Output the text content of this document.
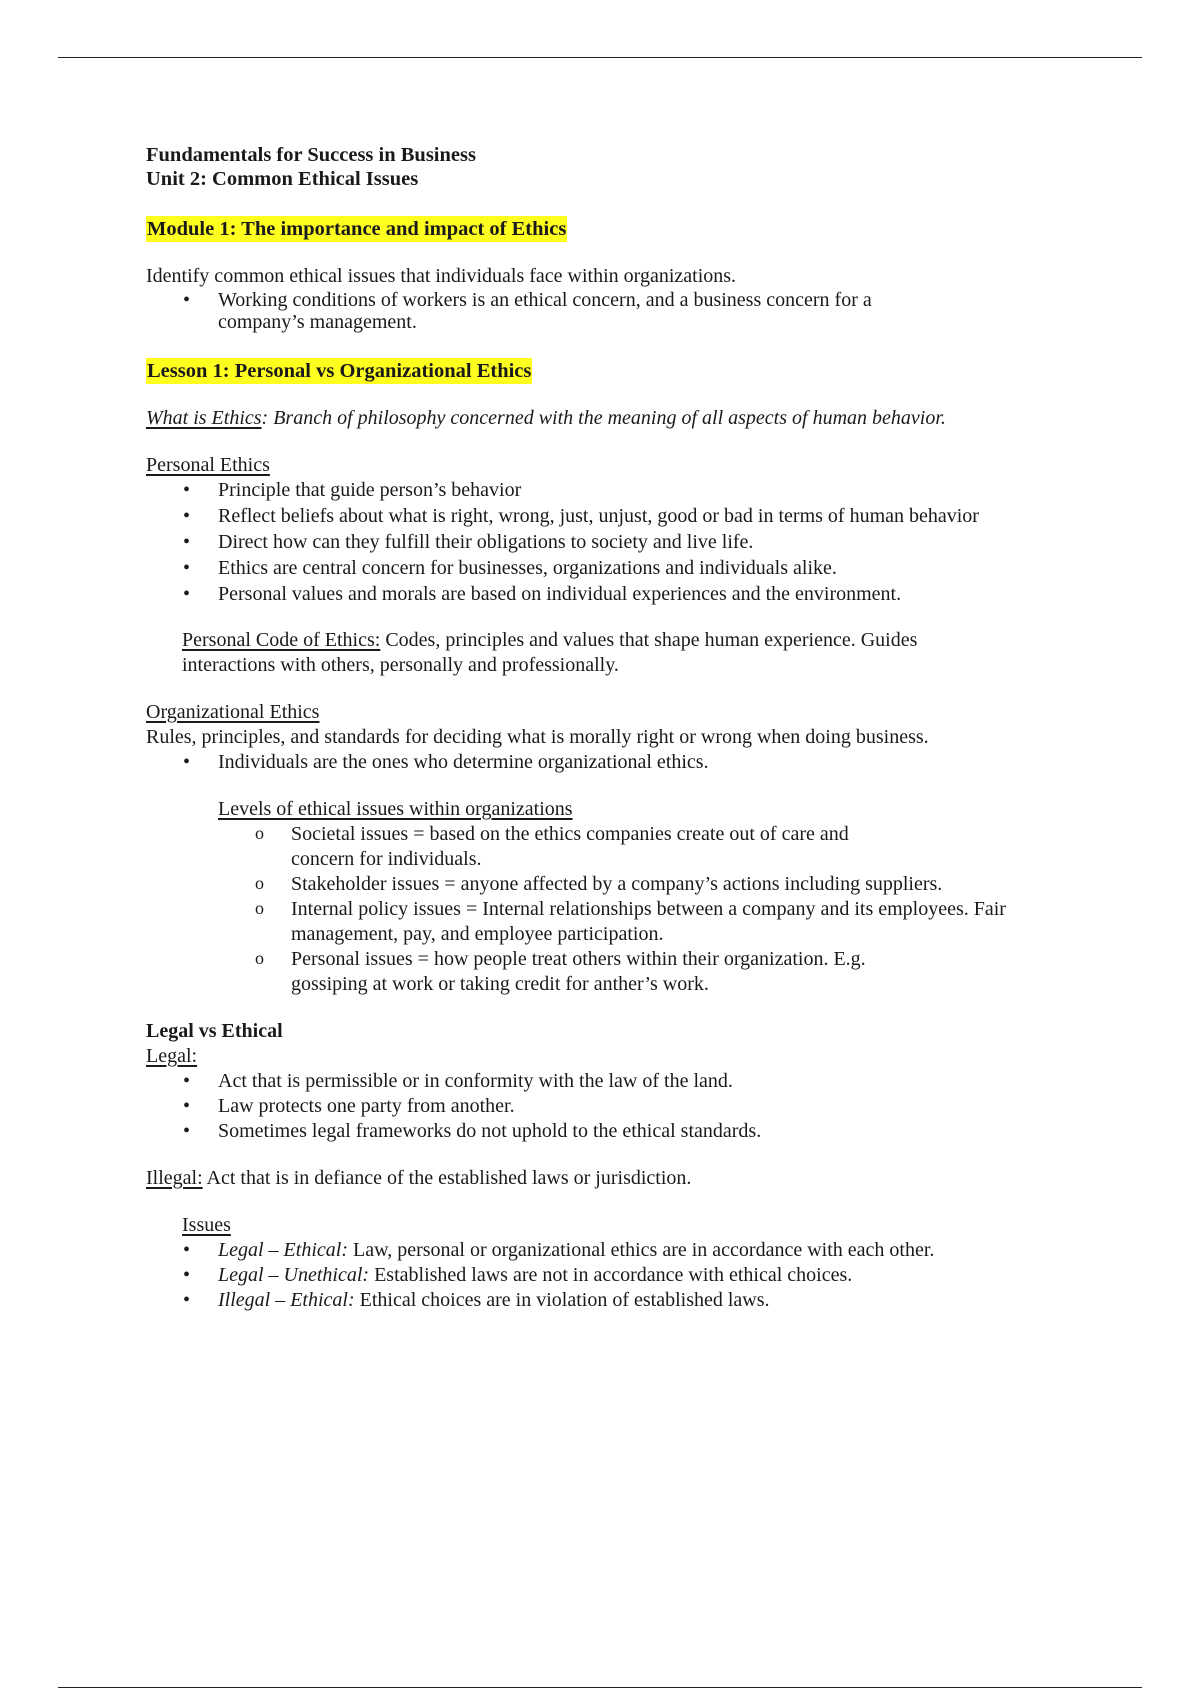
Fundamentals for Success in Business
Unit 2: Common Ethical Issues
Module 1: The importance and impact of Ethics
Identify common ethical issues that individuals face within organizations.
• Working conditions of workers is an ethical concern, and a business concern for a company’s management.
Lesson 1: Personal vs Organizational Ethics
What is Ethics: Branch of philosophy concerned with the meaning of all aspects of human behavior.
Personal Ethics
• Principle that guide person’s behavior
• Reflect beliefs about what is right, wrong, just, unjust, good or bad in terms of human behavior
• Direct how can they fulfill their obligations to society and live life.
• Ethics are central concern for businesses, organizations and individuals alike.
• Personal values and morals are based on individual experiences and the environment.
Personal Code of Ethics: Codes, principles and values that shape human experience. Guides interactions with others, personally and professionally.
Organizational Ethics
Rules, principles, and standards for deciding what is morally right or wrong when doing business.
• Individuals are the ones who determine organizational ethics.
Levels of ethical issues within organizations
o Societal issues = based on the ethics companies create out of care and concern for individuals.
o Stakeholder issues = anyone affected by a company’s actions including suppliers.
o Internal policy issues = Internal relationships between a company and its employees. Fair management, pay, and employee participation.
o Personal issues = how people treat others within their organization. E.g. gossiping at work or taking credit for anther’s work.
Legal vs Ethical
Legal:
• Act that is permissible or in conformity with the law of the land.
• Law protects one party from another.
• Sometimes legal frameworks do not uphold to the ethical standards.
Illegal: Act that is in defiance of the established laws or jurisdiction.
Issues
• Legal – Ethical: Law, personal or organizational ethics are in accordance with each other.
• Legal – Unethical: Established laws are not in accordance with ethical choices.
• Illegal – Ethical: Ethical choices are in violation of established laws.
